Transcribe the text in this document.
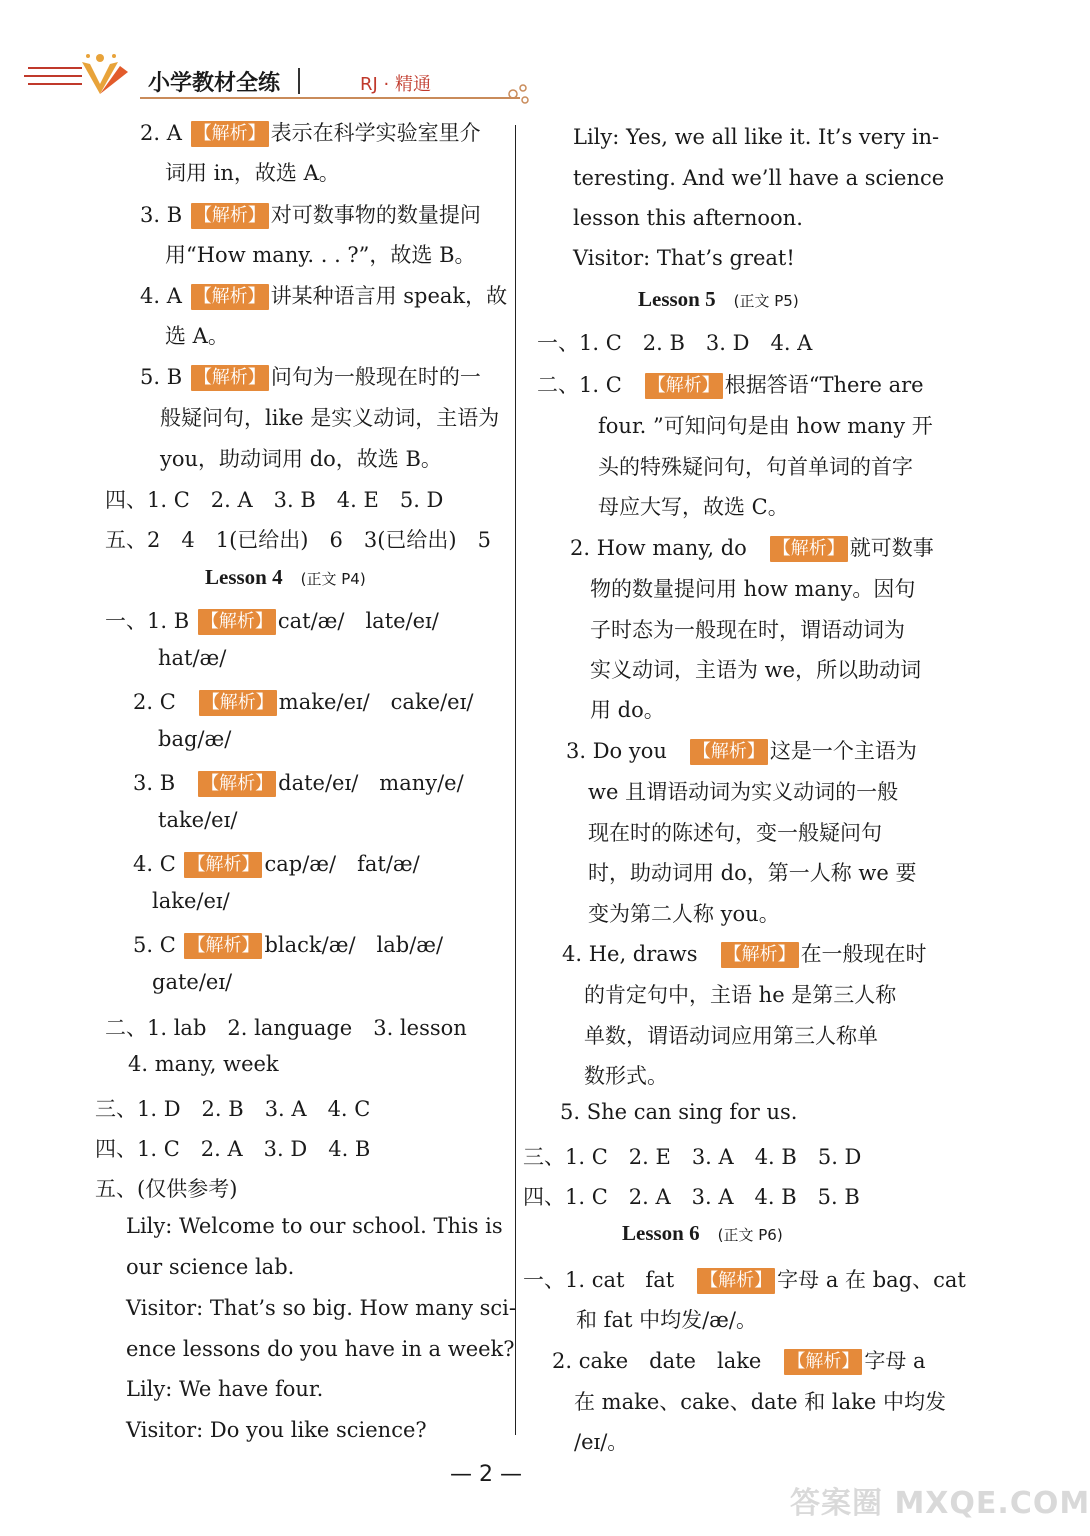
小学教材全练	RJ · 精通
2. A 【 解析 】 表示在科学实验室里介
词用 in，故选 A。
3. B 【 解析 】 对可数事物的数量提问
用“How many. . . ?”，故选 B。
4. A 【 解析 】 讲某种语言用 speak，故
选 A。
5. B 【 解析 】 问句为一般现在时的一
般疑问句，like 是实义动词，主语为
you，助动词用 do，故选 B。
四、1. C　2. A　3. B　4. E　5. D
五、2　4　1(已给出)　6　3(已给出)　5
Lesson 4 (正文 P4)
一、1. B 【 解析 】 cat/æ/　late/eɪ/
hat/æ/
2. C　 【 解析 】 make/eɪ/　cake/eɪ/
bag/æ/
3. B　 【 解析 】 date/eɪ/　many/e/
take/eɪ/
4. C 【 解析 】 cap/æ/　fat/æ/
lake/eɪ/
5. C 【 解析 】 black/æ/　lab/æ/
gate/eɪ/
二、1. lab　2. language　3. lesson
4. many, week
三、1. D　2. B　3. A　4. C
四、1. C　2. A　3. D　4. B
五、(仅供参考)
Lily: Welcome to our school. This is
our science lab.
Visitor: That’s so big. How many sci-
ence lessons do you have in a week?
Lily: We have four.
Visitor: Do you like science?
Lily: Yes, we all like it. It’s very in-
teresting. And we’ll have a science
lesson this afternoon.
Visitor: That’s great!
Lesson 5 (正文 P5)
一、1. C　2. B　3. D　4. A
二、1. C　 【 解析 】 根据答语“There are
four. ”可知问句是由 how many 开
头的特殊疑问句，句首单词的首字
母应大写，故选 C。
2. How many, do　 【 解析 】 就可数事
物的数量提问用 how many。因句
子时态为一般现在时，谓语动词为
实义动词，主语为 we，所以助动词
用 do。
3. Do you　 【 解析 】 这是一个主语为
we 且谓语动词为实义动词的一般
现在时的陈述句，变一般疑问句
时，助动词用 do，第一人称 we 要
变为第二人称 you。
4. He, draws　 【 解析 】 在一般现在时
的肯定句中，主语 he 是第三人称
单数，谓语动词应用第三人称单
数形式。
5. She can sing for us.
三、1. C　2. E　3. A　4. B　5. D
四、1. C　2. A　3. A　4. B　5. B
Lesson 6 (正文 P6)
一、1. cat　fat　 【 解析 】 字母 a 在 bag、cat
和 fat 中均发/æ/。
2. cake　date　lake　 【 解析 】 字母 a
在 make、cake、date 和 lake 中均发
/eɪ/。
— 2 —
答案圈 MXQE.COM
